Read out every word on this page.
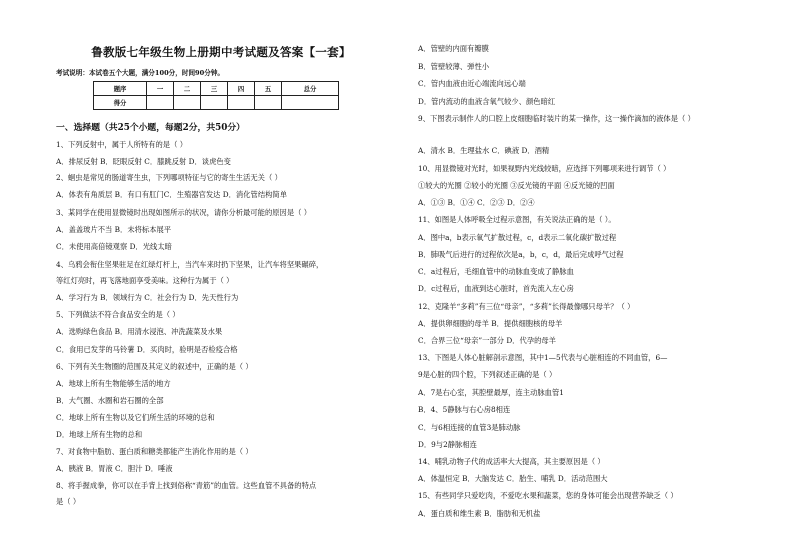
鲁教版七年级生物上册期中考试题及答案【一套】
考试说明：本试卷五个大题，满分100分，时间90分钟。
题序	一	二	三	四	五	总分
得分						
一、选择题（共25个小题，每题2分，共50分）
1、下列反射中，属于人所特有的是（ ）
A．排尿反射 B．眨眼反射 C．膝跳反射 D．谈虎色变
2、蛔虫是常见的肠道寄生虫，下列哪项特征与它的寄生生活无关（ ）
A．体表有角质层 B．有口有肛门C．生殖器官发达 D．消化管结构简单
3、某同学在使用显微镜时出现如图所示的状况，请你分析最可能的原因是（ ）
A．盖盖玻片不当 B．未将标本展平
C．未使用高倍镜观察 D．光线太暗
4、乌鸦会衔住坚果驻足在红绿灯杆上，当汽车来时扔下坚果，让汽车将坚果碾碎，
等红灯亮时，再飞落地面享受美味。这种行为属于（ ）
A．学习行为 B．领域行为 C．社会行为 D．先天性行为
5、下列做法不符合食品安全的是（ ）
A．选购绿色食品 B．用清水浸泡、冲洗蔬菜及水果
C．食用已发芽的马铃薯 D．买肉时，验明是否检疫合格
6、下列有关生物圈的范围及其定义的叙述中，正确的是（ ）
A．地球上所有生物能够生活的地方
B．大气圈、水圈和岩石圈的全部
C．地球上所有生物以及它们所生活的环境的总和
D．地球上所有生物的总和
7、对食物中脂肪、蛋白质和糖类都能产生消化作用的是（ ）
A．胰液 B．胃液 C．胆汁 D．唾液
8、将手握成拳，你可以在手背上找到俗称“青筋”的血管。这些血管不具备的特点
是（ ）
A．管壁的内面有瓣膜
B．管壁较薄、弹性小
C．管内血液由近心端流向远心端
D．管内流动的血液含氧气较少、颜色暗红
9、下图表示制作人的口腔上皮细胞临时装片的某一操作，这一操作滴加的液体是（ ）
A．清水 B．生理盐水 C．碘液 D．酒精
10、用显微镜对光时，如果视野内光线较暗，应选择下列哪项来进行调节（ ）
①较大的光圈 ②较小的光圈 ③反光镜的平面 ④反光镜的凹面
A．①③ B．①④ C．②③ D．②④
11、如图是人体呼吸全过程示意图，有关说法正确的是（ ）。
A．图中a，b表示氧气扩散过程，c，d表示二氧化碳扩散过程
B．肺吸气后进行的过程依次是a，b，c，d，最后完成呼气过程
C．a过程后，毛细血管中的动脉血变成了静脉血
D．c过程后，血液到达心脏时，首先流入左心房
12、克隆羊“多莉”有三位“母亲”，“多莉”长得最像哪只母羊？（ ）
A．提供卵细胞的母羊 B．提供细胞核的母羊
C．合界三位“母亲”一部分 D．代孕的母羊
13、下图是人体心脏解剖示意图，其中1—5代表与心脏相连的不同血管，6—
9是心脏的四个腔，下列叙述正确的是（ ）
A．7是右心室，其腔壁最厚，连主动脉血管1
B．4、5静脉与右心房8相连
C．与6相连接的血管3是肺动脉
D．9与2静脉相连
14、哺乳动物子代的成活率大大提高，其主要原因是（ ）
A．体温恒定 B．大脑发达 C．胎生、哺乳 D．活动范围大
15、有些同学只爱吃肉，不爱吃水果和蔬菜，您的身体可能会出现营养缺乏（ ）
A．蛋白质和维生素 B．脂肪和无机盐
